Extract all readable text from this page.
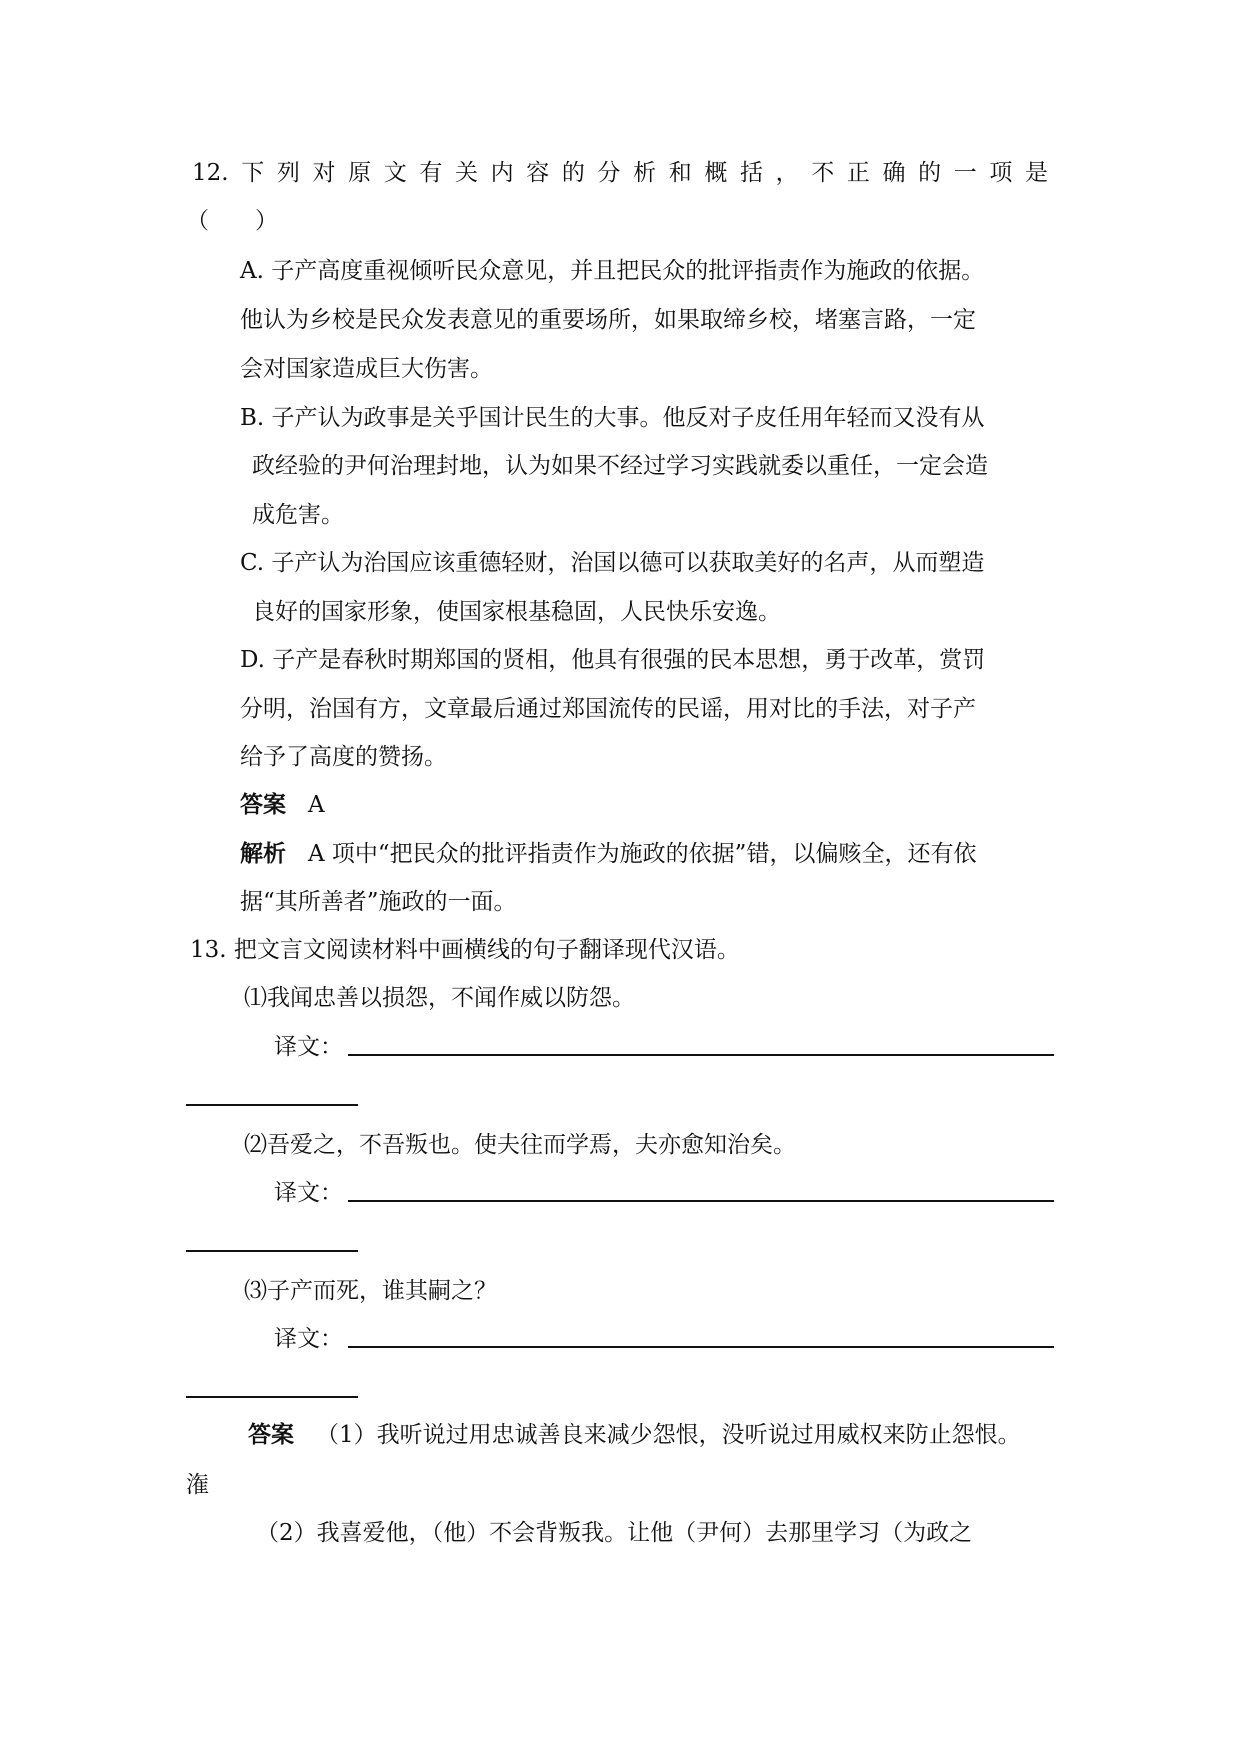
12. 下 列 对 原 文 有 关 内 容 的 分 析 和 概 括 ， 不 正 确 的 一 项 是
（　　）
A. 子产高度重视倾听民众意见，并且把民众的批评指责作为施政的依据。
他认为乡校是民众发表意见的重要场所，如果取缔乡校，堵塞言路，一定
会对国家造成巨大伤害。
B. 子产认为政事是关乎国计民生的大事。他反对子皮任用年轻而又没有从
政经验的尹何治理封地，认为如果不经过学习实践就委以重任，一定会造
成危害。
C. 子产认为治国应该重德轻财，治国以德可以获取美好的名声，从而塑造
良好的国家形象，使国家根基稳固，人民快乐安逸。
D. 子产是春秋时期郑国的贤相，他具有很强的民本思想，勇于改革，赏罚
分明，治国有方，文章最后通过郑国流传的民谣，用对比的手法，对子产
给予了高度的赞扬。
答案 A
解析 A 项中“把民众的批评指责作为施政的依据”错，以偏赅全，还有依
据“其所善者”施政的一面。
13. 把文言文阅读材料中画横线的句子翻译现代汉语。
⑴我闻忠善以损怨，不闻作威以防怨。
译文：
⑵吾爱之，不吾叛也。使夫往而学焉，夫亦愈知治矣。
译文：
⑶子产而死，谁其嗣之？
译文：
答案 （1）我听说过用忠诚善良来减少怨恨，没听说过用威权来防止怨恨。
潅
（2）我喜爱他，（他）不会背叛我。让他（尹何）去那里学习（为政之
